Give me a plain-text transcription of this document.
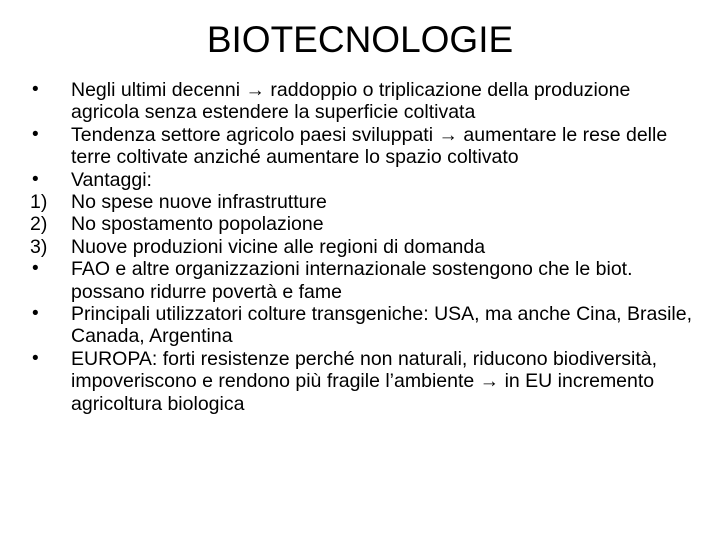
BIOTECNOLOGIE
•	Negli ultimi decenni → raddoppio o triplicazione della produzione agricola senza estendere la superficie coltivata
•	Tendenza settore agricolo paesi sviluppati → aumentare le rese delle terre coltivate anziché aumentare lo spazio coltivato
•	Vantaggi:
1)	No spese nuove infrastrutture
2)	No spostamento popolazione
3)	Nuove produzioni vicine alle regioni di domanda
•	FAO e altre organizzazioni internazionale sostengono che le biot. possano ridurre povertà e fame
•	Principali utilizzatori colture transgeniche: USA, ma anche Cina, Brasile, Canada, Argentina
•	EUROPA: forti resistenze perché non naturali, riducono biodiversità, impoveriscono e rendono più fragile l’ambiente → in EU incremento agricoltura biologica
